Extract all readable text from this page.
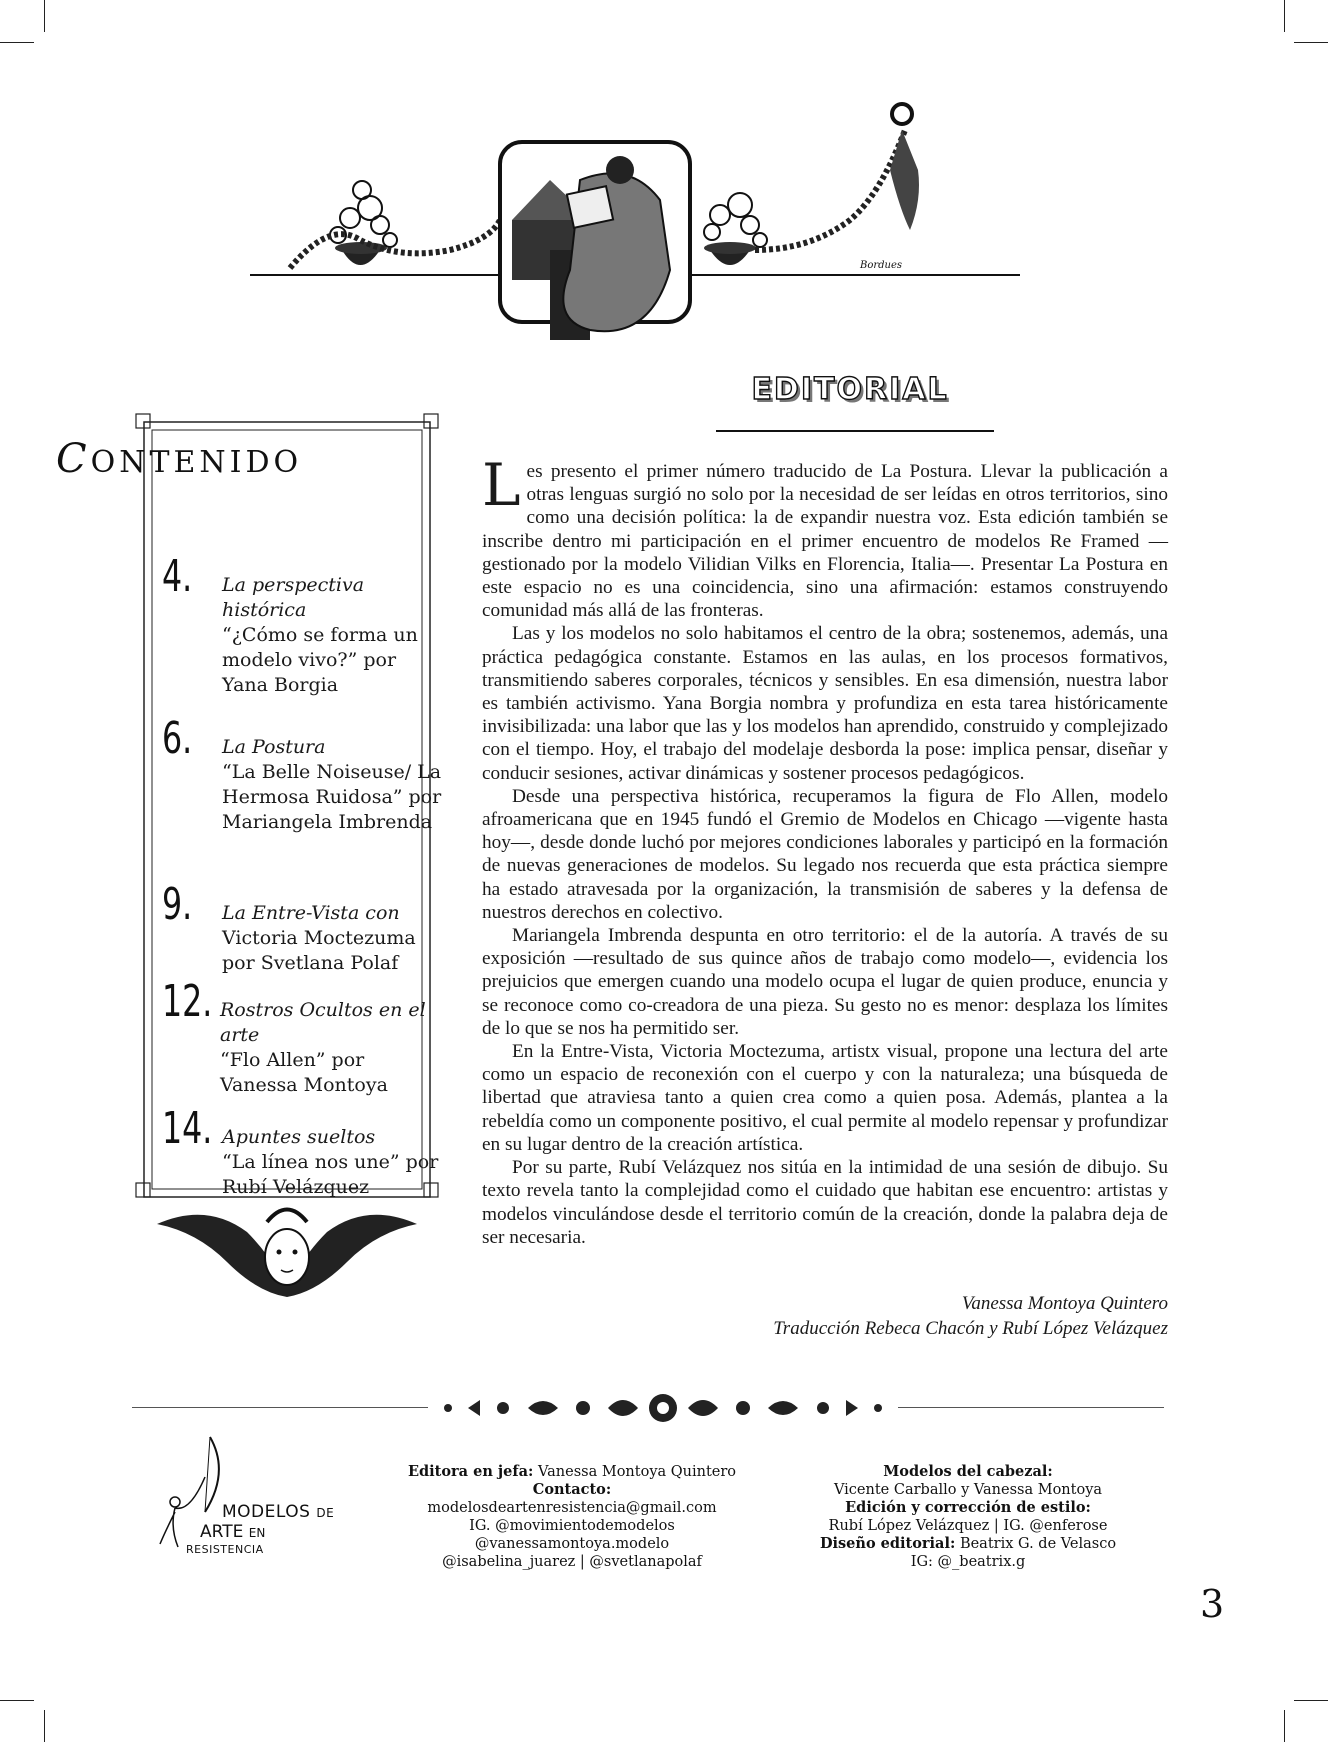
Bordues
EDITORIAL
CONTENIDO
4. La perspectiva histórica
“¿Cómo se forma un modelo vivo?” por Yana Borgia
6. La Postura
“La Belle Noiseuse/ La Hermosa Ruidosa” por Mariangela Imbrenda
9. La Entre-Vista con
Victoria Moctezuma por Svetlana Polaf
12. Rostros Ocultos en el arte
“Flo Allen” por Vanessa Montoya
14. Apuntes sueltos
“La línea nos une” por Rubí Velázquez

Les presento el primer número traducido de La Postura. Llevar la publicación a otras lenguas surgió no solo por la necesidad de ser leídas en otros territorios, sino como una decisión política: la de expandir nuestra voz. Esta edición también se inscribe dentro mi participación en el primer encuentro de modelos Re Framed —gestionado por la modelo Vilidian Vilks en Florencia, Italia—. Presentar La Postura en este espacio no es una coincidencia, sino una afirmación: estamos construyendo comunidad más allá de las fronteras.

Las y los modelos no solo habitamos el centro de la obra; sostenemos, además, una práctica pedagógica constante. Estamos en las aulas, en los procesos formativos, transmitiendo saberes corporales, técnicos y sensibles. En esa dimensión, nuestra labor es también activismo. Yana Borgia nombra y profundiza en esta tarea históricamente invisibilizada: una labor que las y los modelos han aprendido, construido y complejizado con el tiempo. Hoy, el trabajo del modelaje desborda la pose: implica pensar, diseñar y conducir sesiones, activar dinámicas y sostener procesos pedagógicos.

Desde una perspectiva histórica, recuperamos la figura de Flo Allen, modelo afroamericana que en 1945 fundó el Gremio de Modelos en Chicago —vigente hasta hoy—, desde donde luchó por mejores condiciones laborales y participó en la formación de nuevas generaciones de modelos. Su legado nos recuerda que esta práctica siempre ha estado atravesada por la organización, la transmisión de saberes y la defensa de nuestros derechos en colectivo.

Mariangela Imbrenda despunta en otro territorio: el de la autoría. A través de su exposición —resultado de sus quince años de trabajo como modelo—, evidencia los prejuicios que emergen cuando una modelo ocupa el lugar de quien produce, enuncia y se reconoce como co-creadora de una pieza. Su gesto no es menor: desplaza los límites de lo que se nos ha permitido ser.

En la Entre-Vista, Victoria Moctezuma, artistx visual, propone una lectura del arte como un espacio de reconexión con el cuerpo y con la naturaleza; una búsqueda de libertad que atraviesa tanto a quien crea como a quien posa. Además, plantea a la rebeldía como un componente positivo, el cual permite al modelo repensar y profundizar en su lugar dentro de la creación artística.

Por su parte, Rubí Velázquez nos sitúa en la intimidad de una sesión de dibujo. Su texto revela tanto la complejidad como el cuidado que habitan ese encuentro: artistas y modelos vinculándose desde el territorio común de la creación, donde la palabra deja de ser necesaria.

Vanessa Montoya Quintero
Traducción Rebeca Chacón y Rubí López Velázquez
MODELOS DE
ARTE EN
RESISTENCIA
Editora en jefa: Vanessa Montoya Quintero
Contacto:
modelosdeartenresistencia@gmail.com
IG. @movimientodemodelos
@vanessamontoya.modelo
@isabelina_juarez | @svetlanapolaf
Modelos del cabezal:
Vicente Carballo y Vanessa Montoya
Edición y corrección de estilo:
Rubí López Velázquez | IG. @enferose
Diseño editorial: Beatrix G. de Velasco
IG: @_beatrix.g
3
